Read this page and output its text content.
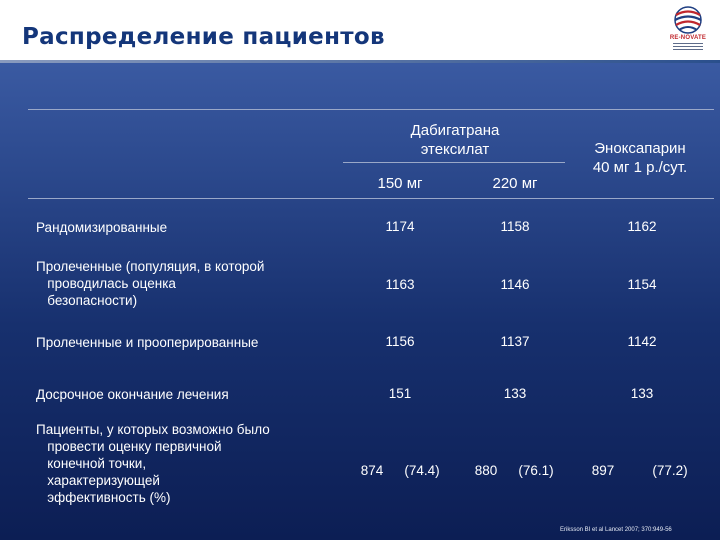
Распределение пациентов	RE-NOVATE
Дабигатрана
этексилат	Эноксапарин
40 мг 1 р./сут.
150 мг	220 мг
Рандомизированные	1174	1158	1162
Пролеченные (популяция, в которой
проводилась оценка
безопасности)
1163	1146	1154
Пролеченные и прооперированные	1156	1137	1142
Досрочное окончание лечения	151	133	133
Пациенты, у которых возможно было
провести оценку первичной
конечной точки,
характеризующей
эффективность (%)
874	(74.4)	880	(76.1)	897	(77.2)
Eriksson BI et al Lancet 2007; 370:949-56
